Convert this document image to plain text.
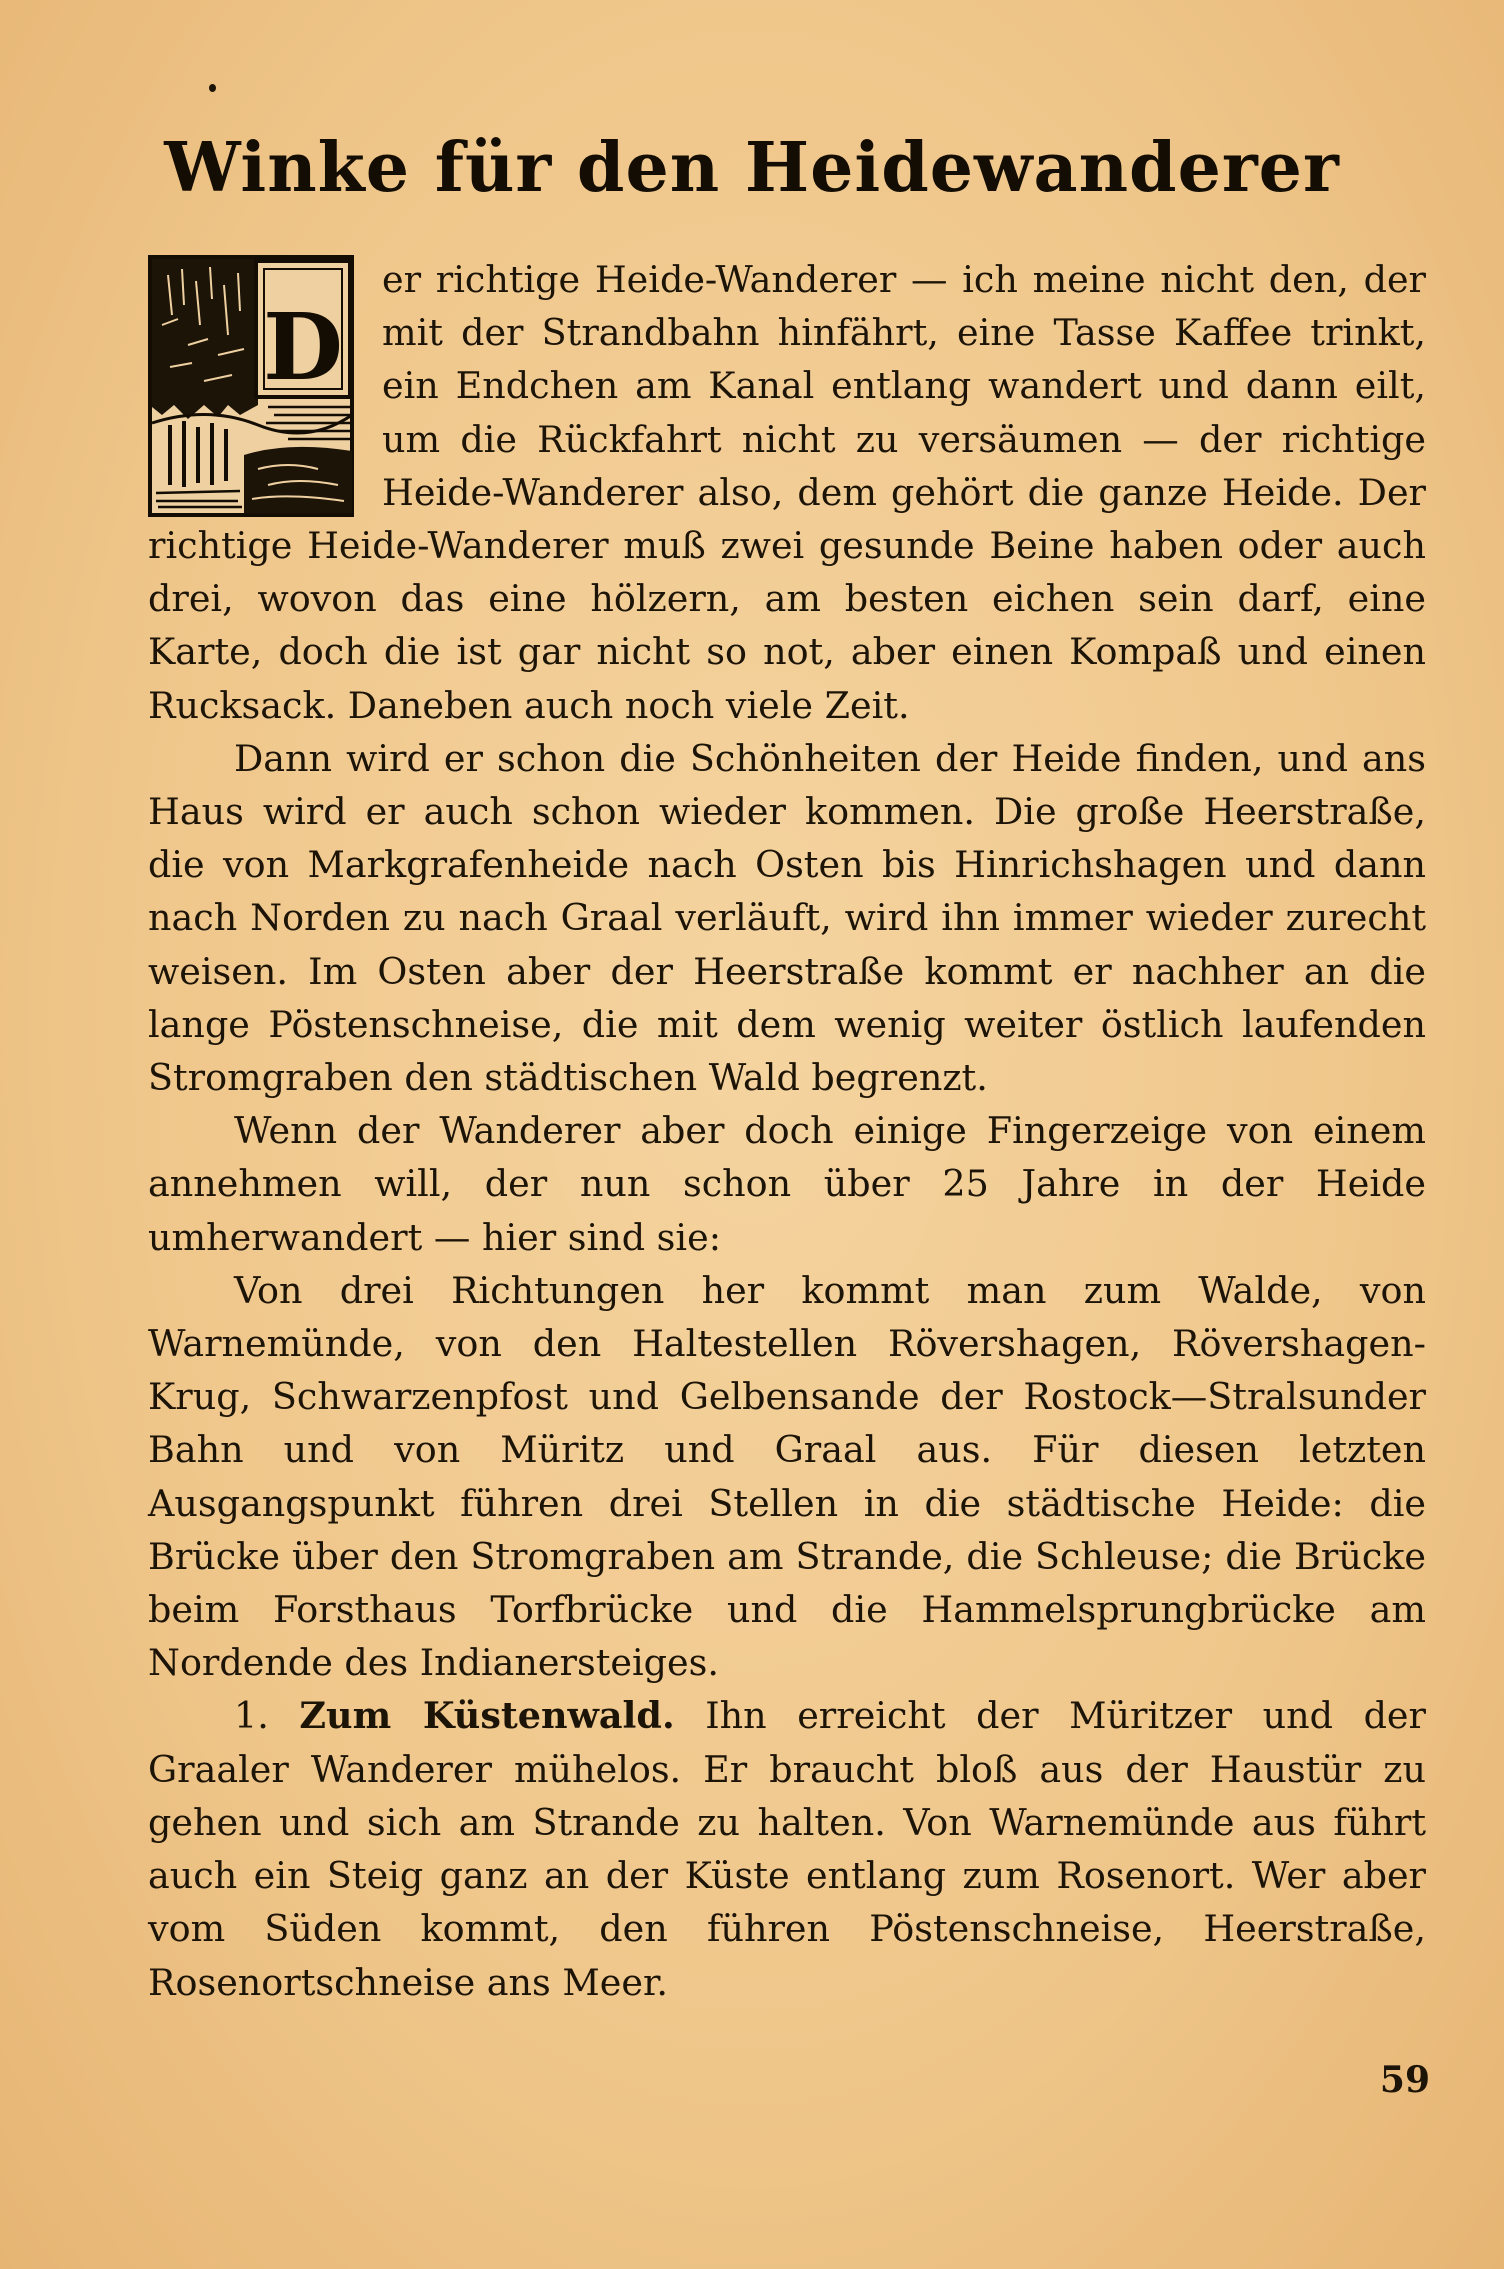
Winke für den Heidewanderer

D
er richtige Heide-Wanderer — ich meine nicht den, der mit der Strandbahn hinfährt, eine Tasse Kaffee trinkt, ein Endchen am Kanal entlang wandert und dann eilt, um die Rückfahrt nicht zu versäumen — der richtige Heide-Wanderer also, dem gehört die ganze Heide. Der richtige Heide-Wanderer muß zwei gesunde Beine haben oder auch drei, wovon das eine hölzern, am besten eichen sein darf, eine Karte, doch die ist gar nicht so not, aber einen Kompaß und einen Rucksack. Daneben auch noch viele Zeit.

Dann wird er schon die Schönheiten der Heide finden, und ans Haus wird er auch schon wieder kommen. Die große Heerstraße, die von Markgrafenheide nach Osten bis Hinrichshagen und dann nach Norden zu nach Graal verläuft, wird ihn immer wieder zurecht weisen. Im Osten aber der Heerstraße kommt er nachher an die lange Pöstenschneise, die mit dem wenig weiter östlich laufenden Stromgraben den städtischen Wald begrenzt.

Wenn der Wanderer aber doch einige Fingerzeige von einem annehmen will, der nun schon über 25 Jahre in der Heide umherwandert — hier sind sie:

Von drei Richtungen her kommt man zum Walde, von Warnemünde, von den Haltestellen Rövershagen, Rövershagen-Krug, Schwarzenpfost und Gelbensande der Rostock—Stralsunder Bahn und von Müritz und Graal aus. Für diesen letzten Ausgangspunkt führen drei Stellen in die städtische Heide: die Brücke über den Stromgraben am Strande, die Schleuse; die Brücke beim Forsthaus Torfbrücke und die Hammelsprungbrücke am Nordende des Indianersteiges.

1. Zum Küstenwald. Ihn erreicht der Müritzer und der Graaler Wanderer mühelos. Er braucht bloß aus der Haustür zu gehen und sich am Strande zu halten. Von Warnemünde aus führt auch ein Steig ganz an der Küste entlang zum Rosenort. Wer aber vom Süden kommt, den führen Pöstenschneise, Heerstraße, Rosenortschneise ans Meer.

59
